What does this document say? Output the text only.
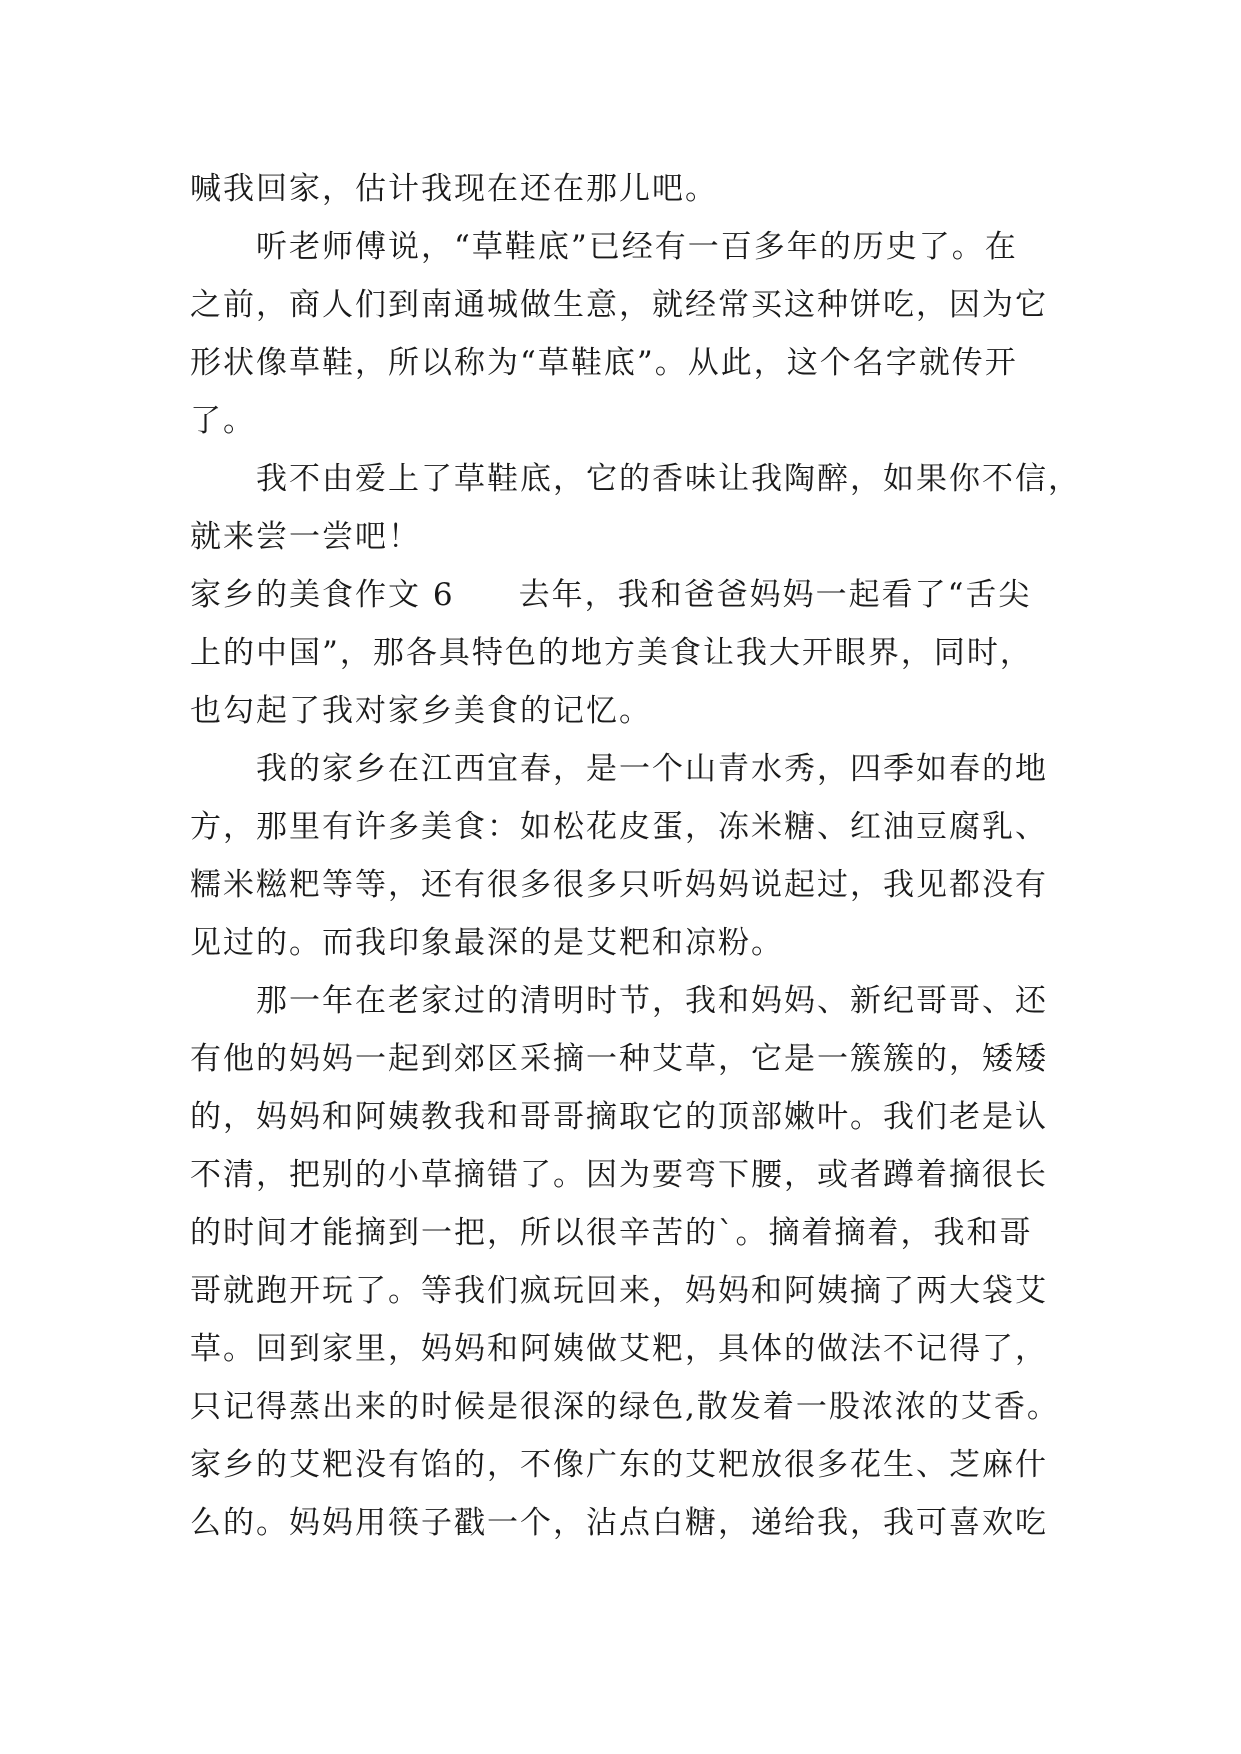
喊我回家，估计我现在还在那儿吧。
听老师傅说，“草鞋底”已经有一百多年的历史了。在
之前，商人们到南通城做生意，就经常买这种饼吃，因为它
形状像草鞋，所以称为“草鞋底”。从此，这个名字就传开
了。
我不由爱上了草鞋底，它的香味让我陶醉，如果你不信，
就来尝一尝吧！
家乡的美食作文 6 去年，我和爸爸妈妈一起看了“舌尖
上的中国”，那各具特色的地方美食让我大开眼界，同时，
也勾起了我对家乡美食的记忆。
我的家乡在江西宜春，是一个山青水秀，四季如春的地
方，那里有许多美食：如松花皮蛋，冻米糖、红油豆腐乳、
糯米糍粑等等，还有很多很多只听妈妈说起过，我见都没有
见过的。而我印象最深的是艾粑和凉粉。
那一年在老家过的清明时节，我和妈妈、新纪哥哥、还
有他的妈妈一起到郊区采摘一种艾草，它是一簇簇的，矮矮
的，妈妈和阿姨教我和哥哥摘取它的顶部嫩叶。我们老是认
不清，把别的小草摘错了。因为要弯下腰，或者蹲着摘很长
的时间才能摘到一把，所以很辛苦的`。摘着摘着，我和哥
哥就跑开玩了。等我们疯玩回来，妈妈和阿姨摘了两大袋艾
草。回到家里，妈妈和阿姨做艾粑，具体的做法不记得了，
只记得蒸出来的时候是很深的绿色,散发着一股浓浓的艾香。
家乡的艾粑没有馅的，不像广东的艾粑放很多花生、芝麻什
么的。妈妈用筷子戳一个，沾点白糖，递给我，我可喜欢吃
